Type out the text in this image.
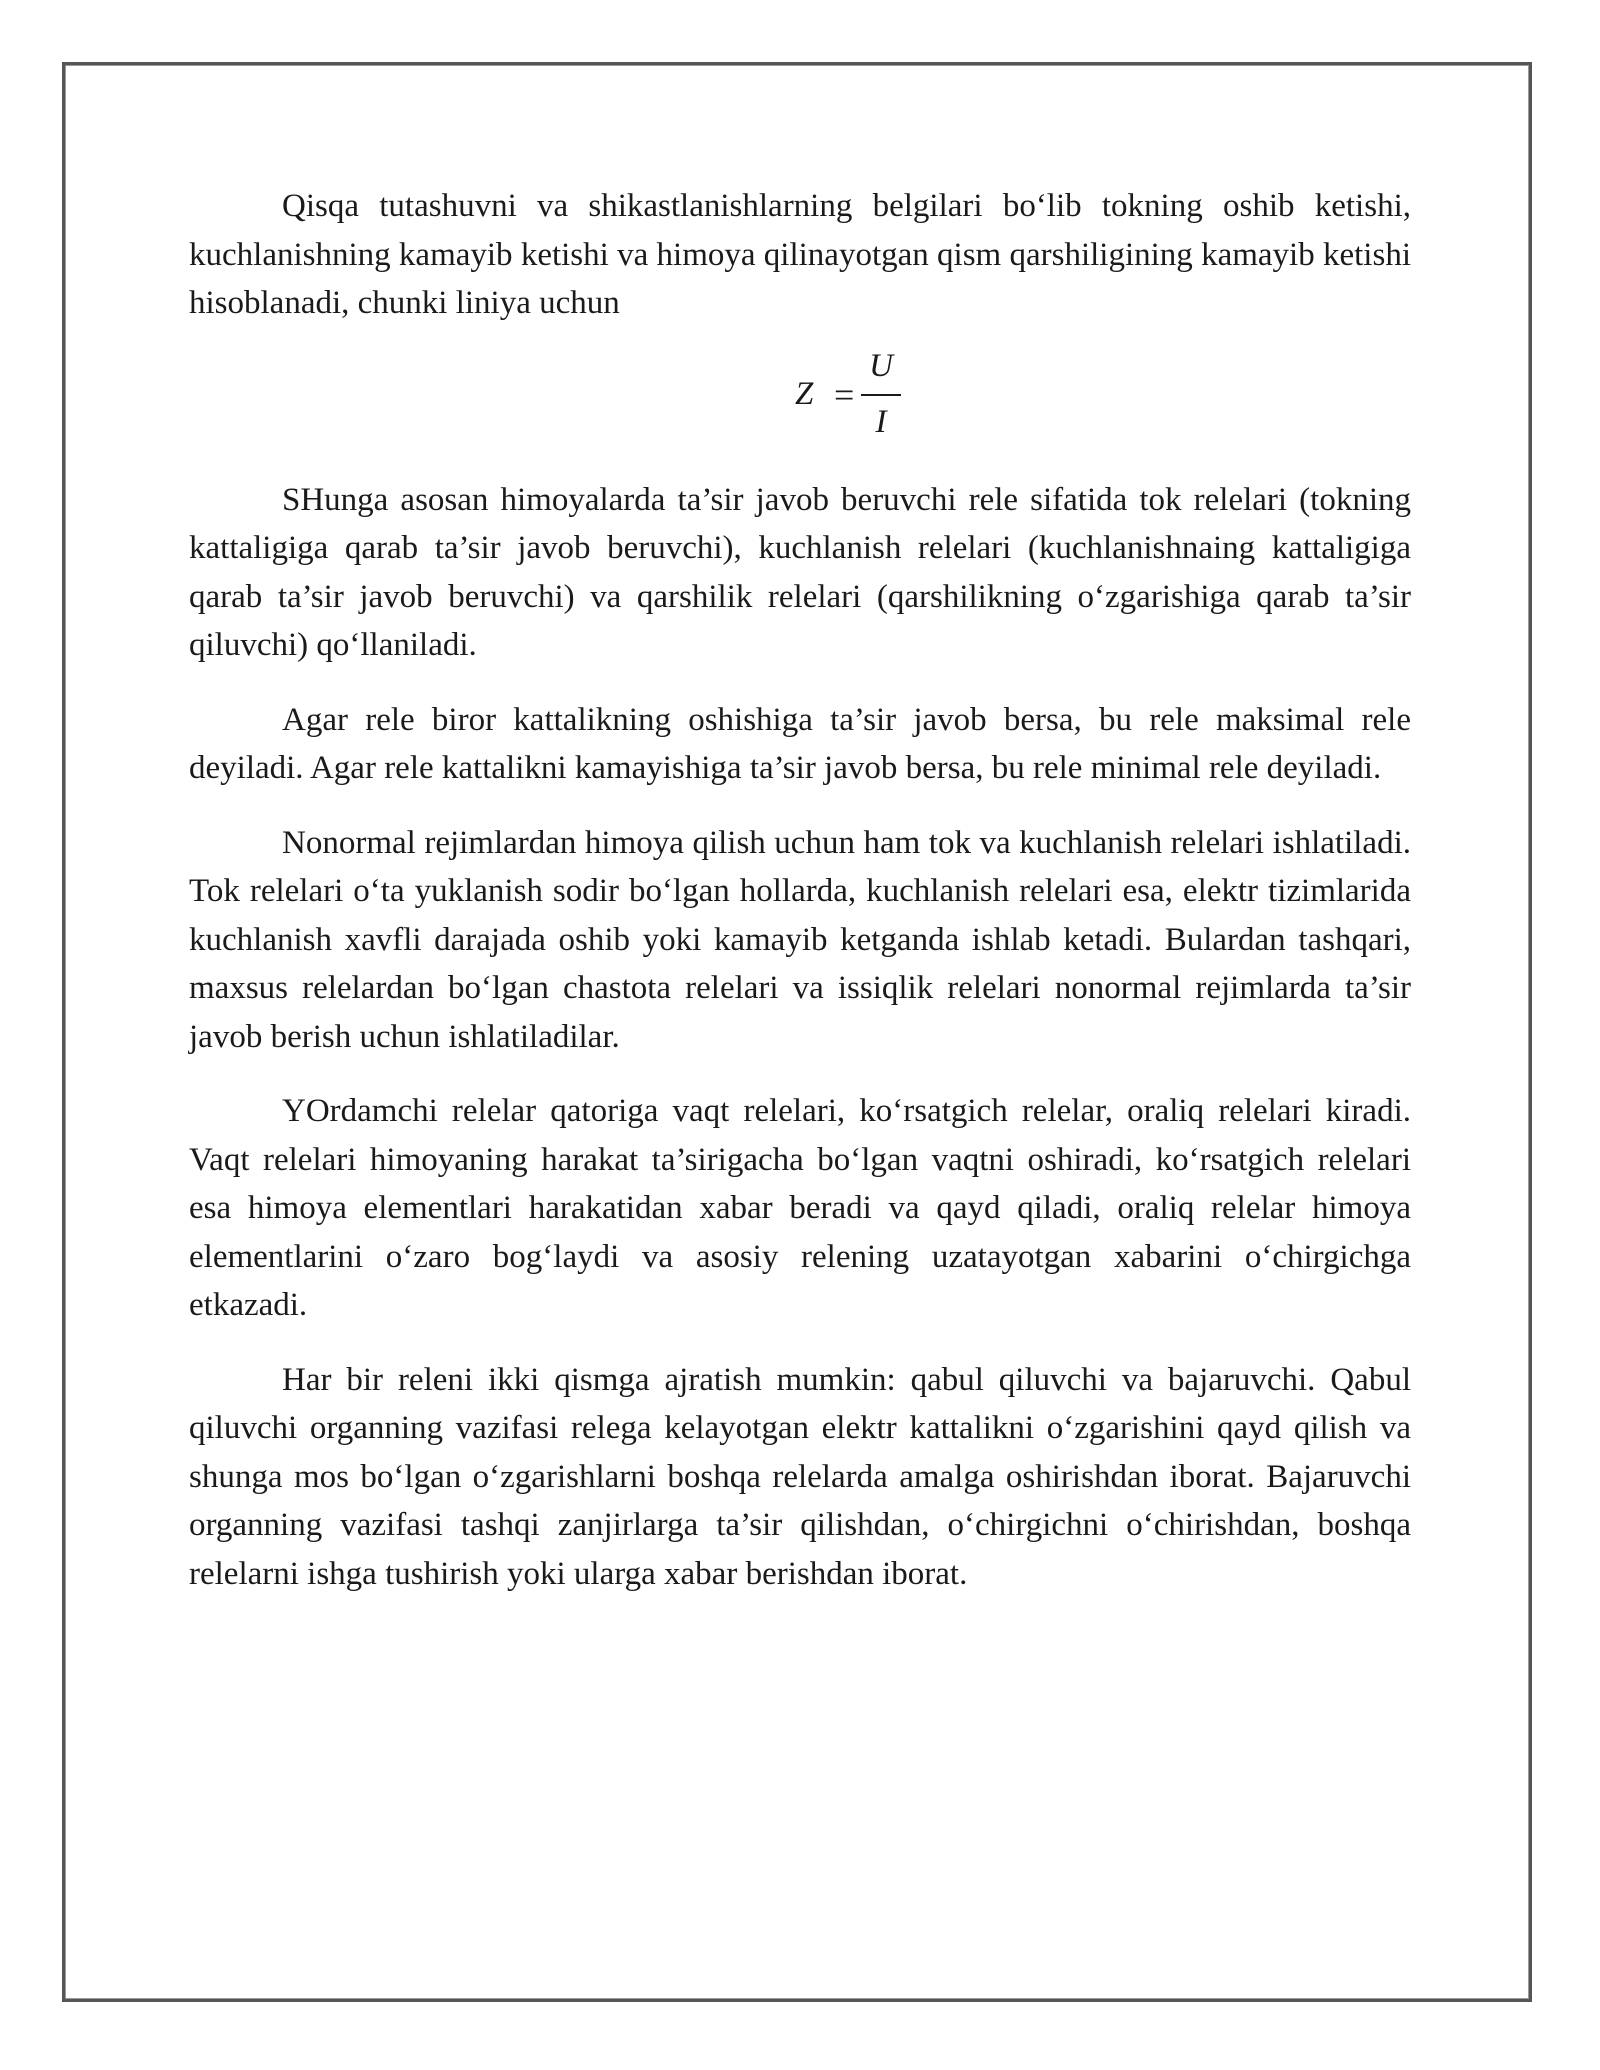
Qisqa tutashuvni va shikastlanishlarning belgilari bo‘lib tokning oshib ketishi, kuchlanishning kamayib ketishi va himoya qilinayotgan qism qarshiligining kamayib ketishi hisoblanadi, chunki liniya uchun

Z =
U
I

SHunga asosan himoyalarda ta’sir javob beruvchi rele sifatida tok relelari (tokning kattaligiga qarab ta’sir javob beruvchi), kuchlanish relelari (kuchlanishnaing kattaligiga qarab ta’sir javob beruvchi) va qarshilik relelari (qarshilikning o‘zgarishiga qarab ta’sir qiluvchi) qo‘llaniladi.

Agar rele biror kattalikning oshishiga ta’sir javob bersa, bu rele maksimal rele deyiladi. Agar rele kattalikni kamayishiga ta’sir javob bersa, bu rele minimal rele deyiladi.

Nonormal rejimlardan himoya qilish uchun ham tok va kuchlanish relelari ishlatiladi. Tok relelari o‘ta yuklanish sodir bo‘lgan hollarda, kuchlanish relelari esa, elektr tizimlarida kuchlanish xavfli darajada oshib yoki kamayib ketganda ishlab ketadi. Bulardan tashqari, maxsus relelardan bo‘lgan chastota relelari va issiqlik relelari nonormal rejimlarda ta’sir javob berish uchun ishlatiladilar.

YOrdamchi relelar qatoriga vaqt relelari, ko‘rsatgich relelar, oraliq relelari kiradi. Vaqt relelari himoyaning harakat ta’sirigacha bo‘lgan vaqtni oshiradi, ko‘rsatgich relelari esa himoya elementlari harakatidan xabar beradi va qayd qiladi, oraliq relelar himoya elementlarini o‘zaro bog‘laydi va asosiy relening uzatayotgan xabarini o‘chirgichga etkazadi.

Har bir releni ikki qismga ajratish mumkin: qabul qiluvchi va bajaruvchi. Qabul qiluvchi organning vazifasi relega kelayotgan elektr kattalikni o‘zgarishini qayd qilish va shunga mos bo‘lgan o‘zgarishlarni boshqa relelarda amalga oshirishdan iborat. Bajaruvchi organning vazifasi tashqi zanjirlarga ta’sir qilishdan, o‘chirgichni o‘chirishdan, boshqa relelarni ishga tushirish yoki ularga xabar berishdan iborat.
